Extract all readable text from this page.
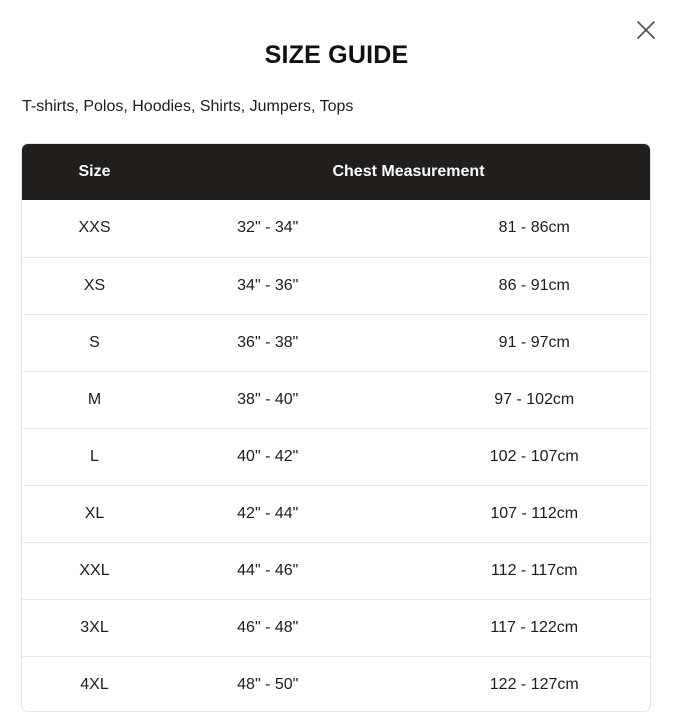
SIZE GUIDE

T-shirts, Polos, Hoodies, Shirts, Jumpers, Tops

Size	Chest Measurement	
XXS	32" - 34"	81 - 86cm
XS	34" - 36"	86 - 91cm
S	36" - 38"	91 - 97cm
M	38" - 40"	97 - 102cm
L	40" - 42"	102 - 107cm
XL	42" - 44"	107 - 112cm
XXL	44" - 46"	112 - 117cm
3XL	46" - 48"	117 - 122cm
4XL	48" - 50"	122 - 127cm
